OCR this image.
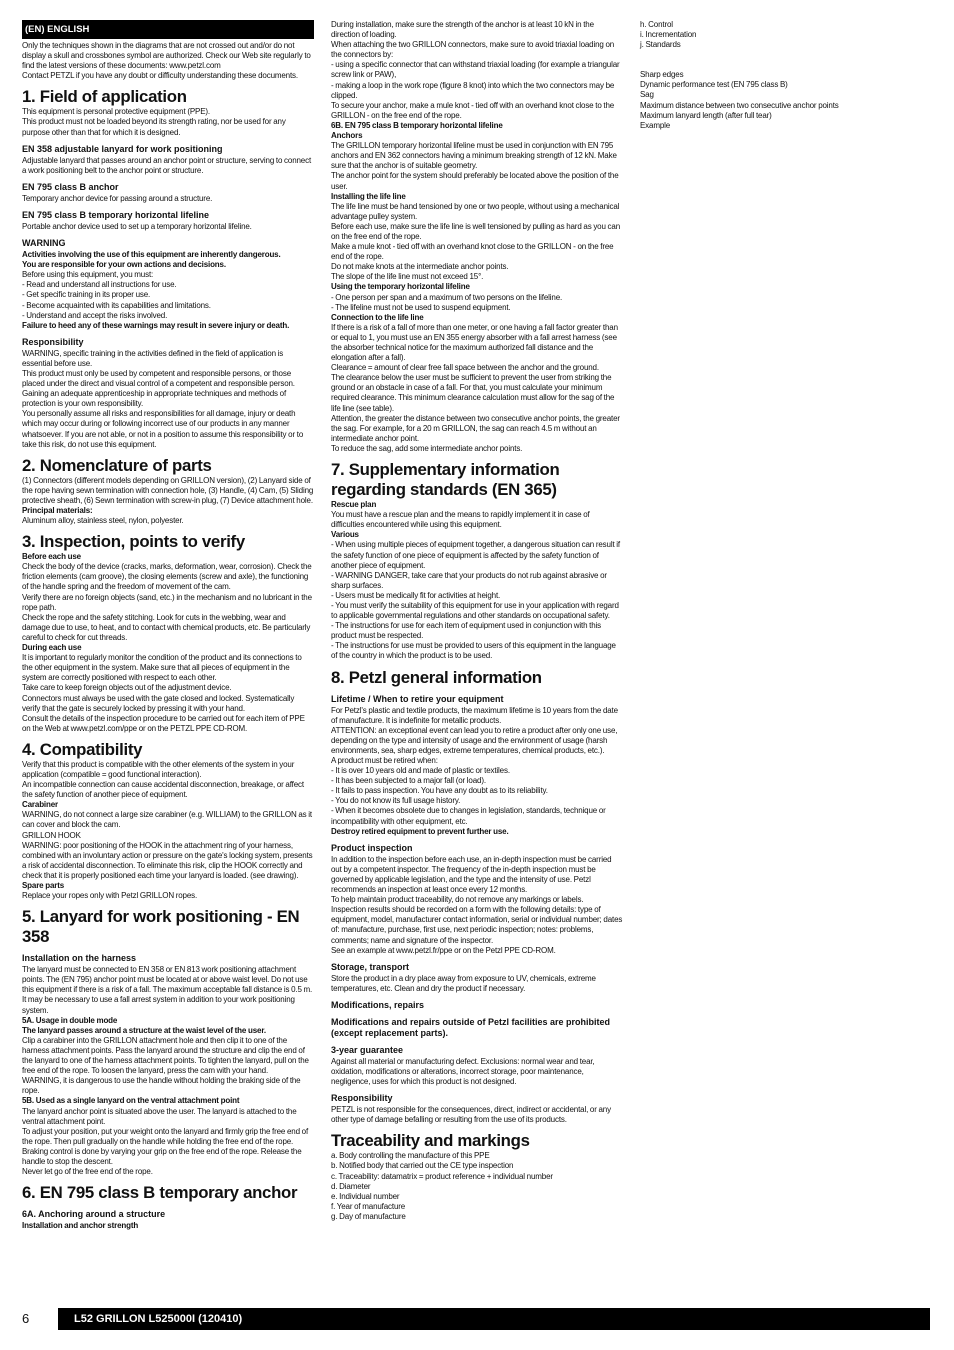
(EN) ENGLISH

Only the techniques shown in the diagrams that are not crossed out and/or do not display a skull and crossbones symbol are authorized. Check our Web site regularly to find the latest versions of these documents: www.petzl.com

Contact PETZL if you have any doubt or difficulty understanding these documents.

1. Field of application

This equipment is personal protective equipment (PPE).

This product must not be loaded beyond its strength rating, nor be used for any purpose other than that for which it is designed.

EN 358 adjustable lanyard for work positioning

Adjustable lanyard that passes around an anchor point or structure, serving to connect a work positioning belt to the anchor point or structure.

EN 795 class B anchor

Temporary anchor device for passing around a structure.

EN 795 class B temporary horizontal lifeline

Portable anchor device used to set up a temporary horizontal lifeline.

WARNING

Activities involving the use of this equipment are inherently dangerous.

You are responsible for your own actions and decisions.

Before using this equipment, you must:

- Read and understand all instructions for use.

- Get specific training in its proper use.

- Become acquainted with its capabilities and limitations.

- Understand and accept the risks involved.

Failure to heed any of these warnings may result in severe injury or death.

Responsibility

WARNING, specific training in the activities defined in the field of application is essential before use.

This product must only be used by competent and responsible persons, or those placed under the direct and visual control of a competent and responsible person. Gaining an adequate apprenticeship in appropriate techniques and methods of protection is your own responsibility.

You personally assume all risks and responsibilities for all damage, injury or death which may occur during or following incorrect use of our products in any manner whatsoever. If you are not able, or not in a position to assume this responsibility or to take this risk, do not use this equipment.

2. Nomenclature of parts

(1) Connectors (different models depending on GRILLON version), (2) Lanyard side of the rope having sewn termination with connection hole, (3) Handle, (4) Cam, (5) Sliding protective sheath, (6) Sewn termination with screw-in plug, (7) Device attachment hole.

Principal materials:

Aluminum alloy, stainless steel, nylon, polyester.

3. Inspection, points to verify

Before each use

Check the body of the device (cracks, marks, deformation, wear, corrosion). Check the friction elements (cam groove), the closing elements (screw and axle), the functioning of the handle spring and the freedom of movement of the cam.

Verify there are no foreign objects (sand, etc.) in the mechanism and no lubricant in the rope path.

Check the rope and the safety stitching. Look for cuts in the webbing, wear and damage due to use, to heat, and to contact with chemical products, etc. Be particularly careful to check for cut threads.

During each use

It is important to regularly monitor the condition of the product and its connections to the other equipment in the system. Make sure that all pieces of equipment in the system are correctly positioned with respect to each other.

Take care to keep foreign objects out of the adjustment device.

Connectors must always be used with the gate closed and locked. Systematically verify that the gate is securely locked by pressing it with your hand.

Consult the details of the inspection procedure to be carried out for each item of PPE on the Web at www.petzl.com/ppe or on the PETZL PPE CD-ROM.

4. Compatibility

Verify that this product is compatible with the other elements of the system in your application (compatible = good functional interaction).

An incompatible connection can cause accidental disconnection, breakage, or affect the safety function of another piece of equipment.

Carabiner

WARNING, do not connect a large size carabiner (e.g. WILLIAM) to the GRILLON as it can cover and block the cam.

GRILLON HOOK

WARNING: poor positioning of the HOOK in the attachment ring of your harness, combined with an involuntary action or pressure on the gate's locking system, presents a risk of accidental disconnection. To eliminate this risk, clip the HOOK correctly and check that it is properly positioned each time your lanyard is loaded. (see drawing).

Spare parts

Replace your ropes only with Petzl GRILLON ropes.

5. Lanyard for work positioning - EN 358
Installation on the harness

The lanyard must be connected to EN 358 or EN 813 work positioning attachment points. The (EN 795) anchor point must be located at or above waist level. Do not use this equipment if there is a risk of a fall. The maximum acceptable fall distance is 0.5 m. It may be necessary to use a fall arrest system in addition to your work positioning system.

5A. Usage in double mode

The lanyard passes around a structure at the waist level of the user.

Clip a carabiner into the GRILLON attachment hole and then clip it to one of the harness attachment points. Pass the lanyard around the structure and clip the end of the lanyard to one of the harness attachment points. To tighten the lanyard, pull on the free end of the rope. To loosen the lanyard, press the cam with your hand.

WARNING, it is dangerous to use the handle without holding the braking side of the rope.

5B. Used as a single lanyard on the ventral attachment point

The lanyard anchor point is situated above the user. The lanyard is attached to the ventral attachment point.

To adjust your position, put your weight onto the lanyard and firmly grip the free end of the rope. Then pull gradually on the handle while holding the free end of the rope. Braking control is done by varying your grip on the free end of the rope. Release the handle to stop the descent.

Never let go of the free end of the rope.

6. EN 795 class B temporary anchor
6A. Anchoring around a structure

Installation and anchor strength

During installation, make sure the strength of the anchor is at least 10 kN in the direction of loading.

When attaching the two GRILLON connectors, make sure to avoid triaxial loading on the connectors by:

- using a specific connector that can withstand triaxial loading (for example a triangular screw link or PAW),

- making a loop in the work rope (figure 8 knot) into which the two connectors may be clipped.

To secure your anchor, make a mule knot - tied off with an overhand knot close to the GRILLON - on the free end of the rope.

6B. EN 795 class B temporary horizontal lifeline

Anchors

The GRILLON temporary horizontal lifeline must be used in conjunction with EN 795 anchors and EN 362 connectors having a minimum breaking strength of 12 kN. Make sure that the anchor is of suitable geometry.

The anchor point for the system should preferably be located above the position of the user.

Installing the life line

The life line must be hand tensioned by one or two people, without using a mechanical advantage pulley system.

Before each use, make sure the life line is well tensioned by pulling as hard as you can on the free end of the rope.

Make a mule knot - tied off with an overhand knot close to the GRILLON - on the free end of the rope.

Do not make knots at the intermediate anchor points.

The slope of the life line must not exceed 15°.

Using the temporary horizontal lifeline

- One person per span and a maximum of two persons on the lifeline.

- The lifeline must not be used to suspend equipment.

Connection to the life line

If there is a risk of a fall of more than one meter, or one having a fall factor greater than or equal to 1, you must use an EN 355 energy absorber with a fall arrest harness (see the absorber technical notice for the maximum authorized fall distance and the elongation after a fall).

Clearance = amount of clear free fall space between the anchor and the ground.

The clearance below the user must be sufficient to prevent the user from striking the ground or an obstacle in case of a fall. For that, you must calculate your minimum required clearance. This minimum clearance calculation must allow for the sag of the life line (see table).

Attention, the greater the distance between two consecutive anchor points, the greater the sag. For example, for a 20 m GRILLON, the sag can reach 4.5 m without an intermediate anchor point.

To reduce the sag, add some intermediate anchor points.

7. Supplementary information regarding standards (EN 365)

Rescue plan

You must have a rescue plan and the means to rapidly implement it in case of difficulties encountered while using this equipment.

Various

- When using multiple pieces of equipment together, a dangerous situation can result if the safety function of one piece of equipment is affected by the safety function of another piece of equipment.

- WARNING DANGER, take care that your products do not rub against abrasive or sharp surfaces.

- Users must be medically fit for activities at height.

- You must verify the suitability of this equipment for use in your application with regard to applicable governmental regulations and other standards on occupational safety.

- The instructions for use for each item of equipment used in conjunction with this product must be respected.

- The instructions for use must be provided to users of this equipment in the language of the country in which the product is to be used.

8. Petzl general information
Lifetime / When to retire your equipment

For Petzl's plastic and textile products, the maximum lifetime is 10 years from the date of manufacture. It is indefinite for metallic products.

ATTENTION: an exceptional event can lead you to retire a product after only one use, depending on the type and intensity of usage and the environment of usage (harsh environments, sea, sharp edges, extreme temperatures, chemical products, etc.).

A product must be retired when:

- It is over 10 years old and made of plastic or textiles.

- It has been subjected to a major fall (or load).

- It fails to pass inspection. You have any doubt as to its reliability.

- You do not know its full usage history.

- When it becomes obsolete due to changes in legislation, standards, technique or incompatibility with other equipment, etc.

Destroy retired equipment to prevent further use.

Product inspection

In addition to the inspection before each use, an in-depth inspection must be carried out by a competent inspector. The frequency of the in-depth inspection must be governed by applicable legislation, and the type and the intensity of use. Petzl recommends an inspection at least once every 12 months.

To help maintain product traceability, do not remove any markings or labels.

Inspection results should be recorded on a form with the following details: type of equipment, model, manufacturer contact information, serial or individual number; dates of: manufacture, purchase, first use, next periodic inspection; notes: problems, comments; name and signature of the inspector.

See an example at www.petzl.fr/ppe or on the Petzl PPE CD-ROM.

Storage, transport

Store the product in a dry place away from exposure to UV, chemicals, extreme temperatures, etc. Clean and dry the product if necessary.

Modifications, repairs
Modifications and repairs outside of Petzl facilities are prohibited (except replacement parts).
3-year guarantee

Against all material or manufacturing defect. Exclusions: normal wear and tear, oxidation, modifications or alterations, incorrect storage, poor maintenance, negligence, uses for which this product is not designed.

Responsibility

PETZL is not responsible for the consequences, direct, indirect or accidental, or any other type of damage befalling or resulting from the use of its products.

Traceability and markings

a. Body controlling the manufacture of this PPE

b. Notified body that carried out the CE type inspection

c. Traceability: datamatrix = product reference + individual number

d. Diameter

e. Individual number

f. Year of manufacture

g. Day of manufacture

h. Control

i. Incrementation

j. Standards

Sharp edges

Dynamic performance test (EN 795 class B)

Sag

Maximum distance between two consecutive anchor points

Maximum lanyard length (after full tear)

Example

6	L52 GRILLON L525000I (120410)
